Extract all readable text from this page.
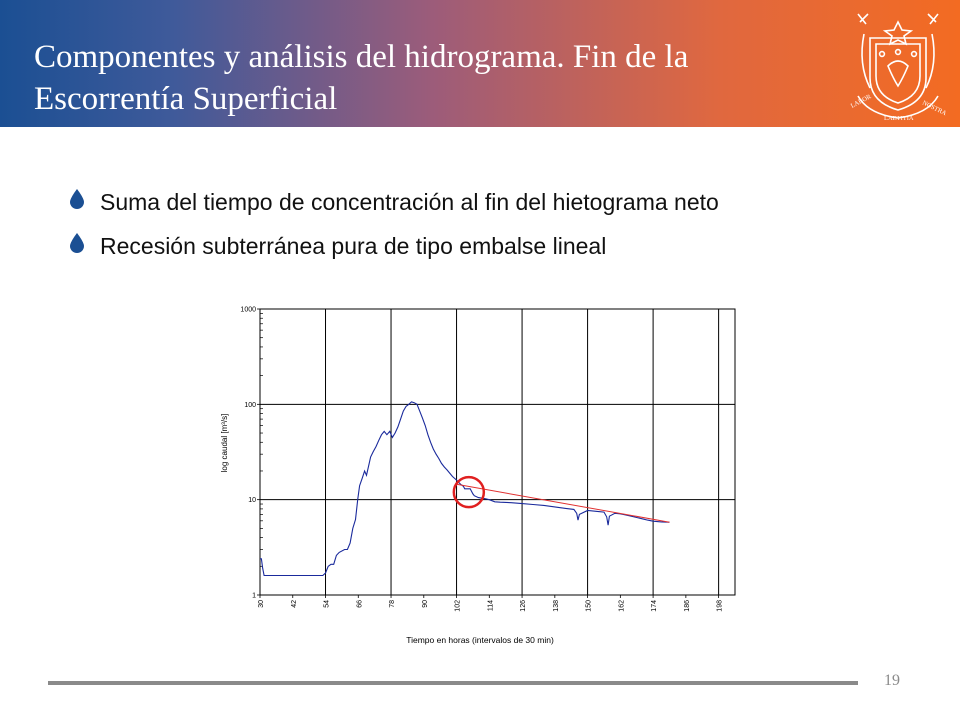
Componentes y análisis del hidrograma. Fin de la Escorrentía Superficial	LABOR
LAETITIA
NOSTRA
Suma del tiempo de concentración al fin del hietograma neto
Recesión subterránea pura de tipo embalse lineal
30	42	54	66	78	90	102	114	126	138	150	162	174	186	198
1
10
100
1000
Tiempo en horas (intervalos de 30 min)
log caudal [m³/s]
19
